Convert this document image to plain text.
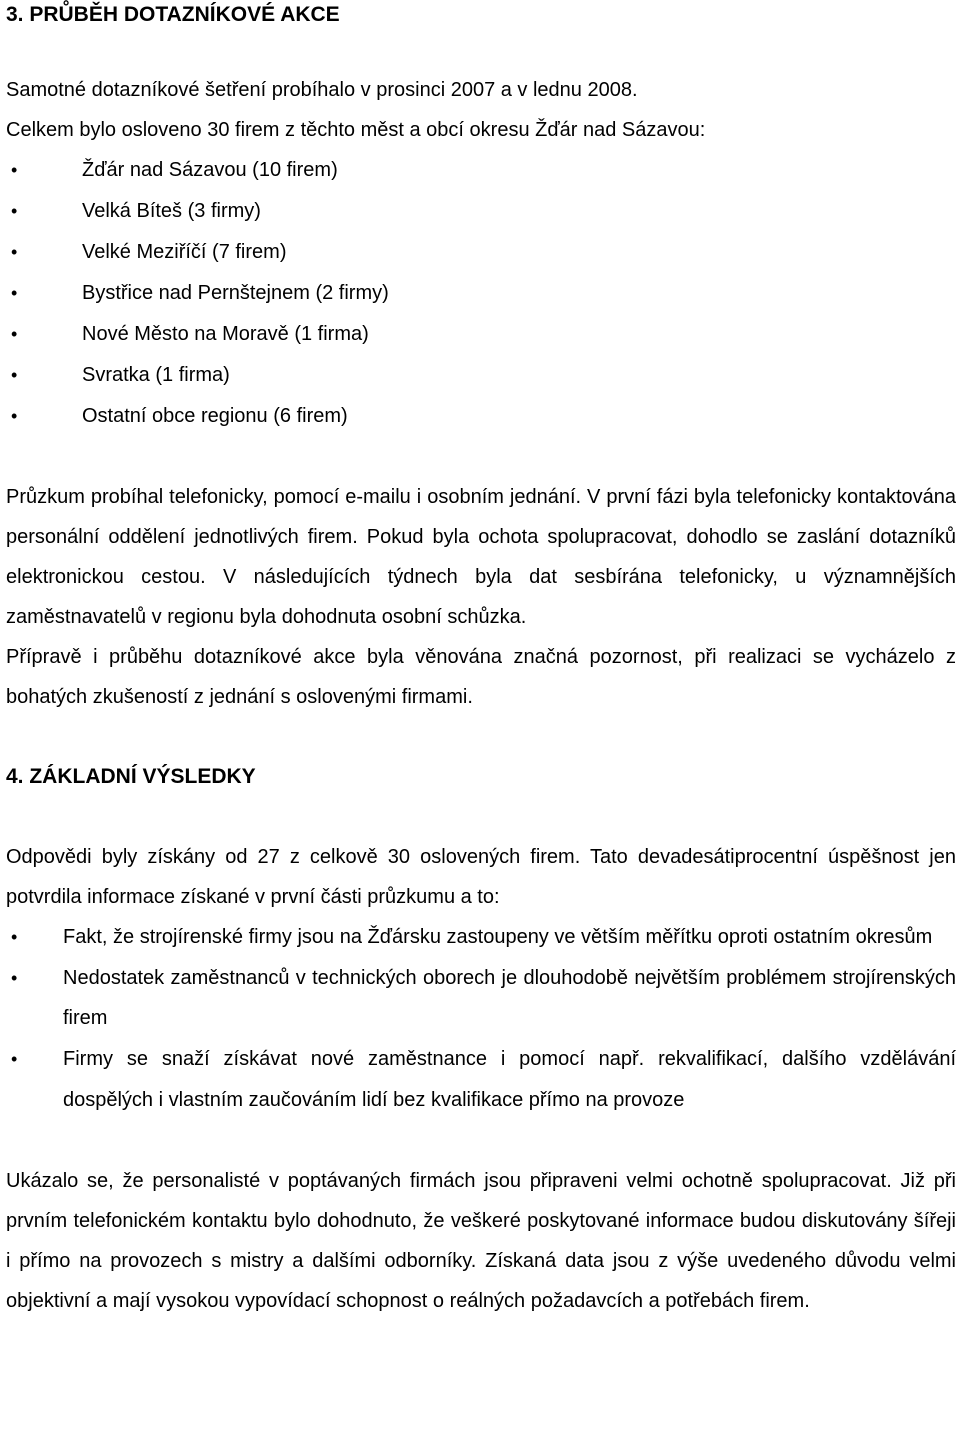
3. PRŮBĚH DOTAZNÍKOVÉ AKCE

Samotné dotazníkové šetření probíhalo v prosinci 2007 a v lednu 2008.

Celkem bylo osloveno 30 firem z těchto měst a obcí okresu Žďár nad Sázavou:

•	Žďár nad Sázavou (10 firem)
•	Velká Bíteš (3 firmy)
•	Velké Meziříčí (7 firem)
•	Bystřice nad Pernštejnem (2 firmy)
•	Nové Město na Moravě (1 firma)
•	Svratka (1 firma)
•	Ostatní obce regionu (6 firem)

Průzkum probíhal telefonicky, pomocí e-mailu i osobním jednání. V první fázi byla telefonicky kontaktována personální oddělení jednotlivých firem. Pokud byla ochota spolupracovat, dohodlo se zaslání dotazníků elektronickou cestou. V následujících týdnech byla dat sesbírána telefonicky, u významnějších zaměstnavatelů v regionu byla dohodnuta osobní schůzka.

Přípravě i průběhu dotazníkové akce byla věnována značná pozornost, při realizaci se vycházelo z bohatých zkušeností z jednání s oslovenými firmami.

4. ZÁKLADNÍ VÝSLEDKY

Odpovědi byly získány od 27 z celkově 30 oslovených firem. Tato devadesátiprocentní úspěšnost jen potvrdila informace získané v první části průzkumu a to:

• Fakt, že strojírenské firmy jsou na Žďársku zastoupeny ve větším měřítku oproti ostatním okresům
• Nedostatek zaměstnanců v technických oborech je dlouhodobě největším problémem strojírenských firem
• Firmy se snaží získávat nové zaměstnance i pomocí např. rekvalifikací, dalšího vzdělávání dospělých i vlastním zaučováním lidí bez kvalifikace přímo na provoze

Ukázalo se, že personalisté v poptávaných firmách jsou připraveni velmi ochotně spolupracovat. Již při prvním telefonickém kontaktu bylo dohodnuto, že veškeré poskytované informace budou diskutovány šířeji i přímo na provozech s mistry a dalšími odborníky. Získaná data jsou z výše uvedeného důvodu velmi objektivní a mají vysokou vypovídací schopnost o reálných požadavcích a potřebách firem.
